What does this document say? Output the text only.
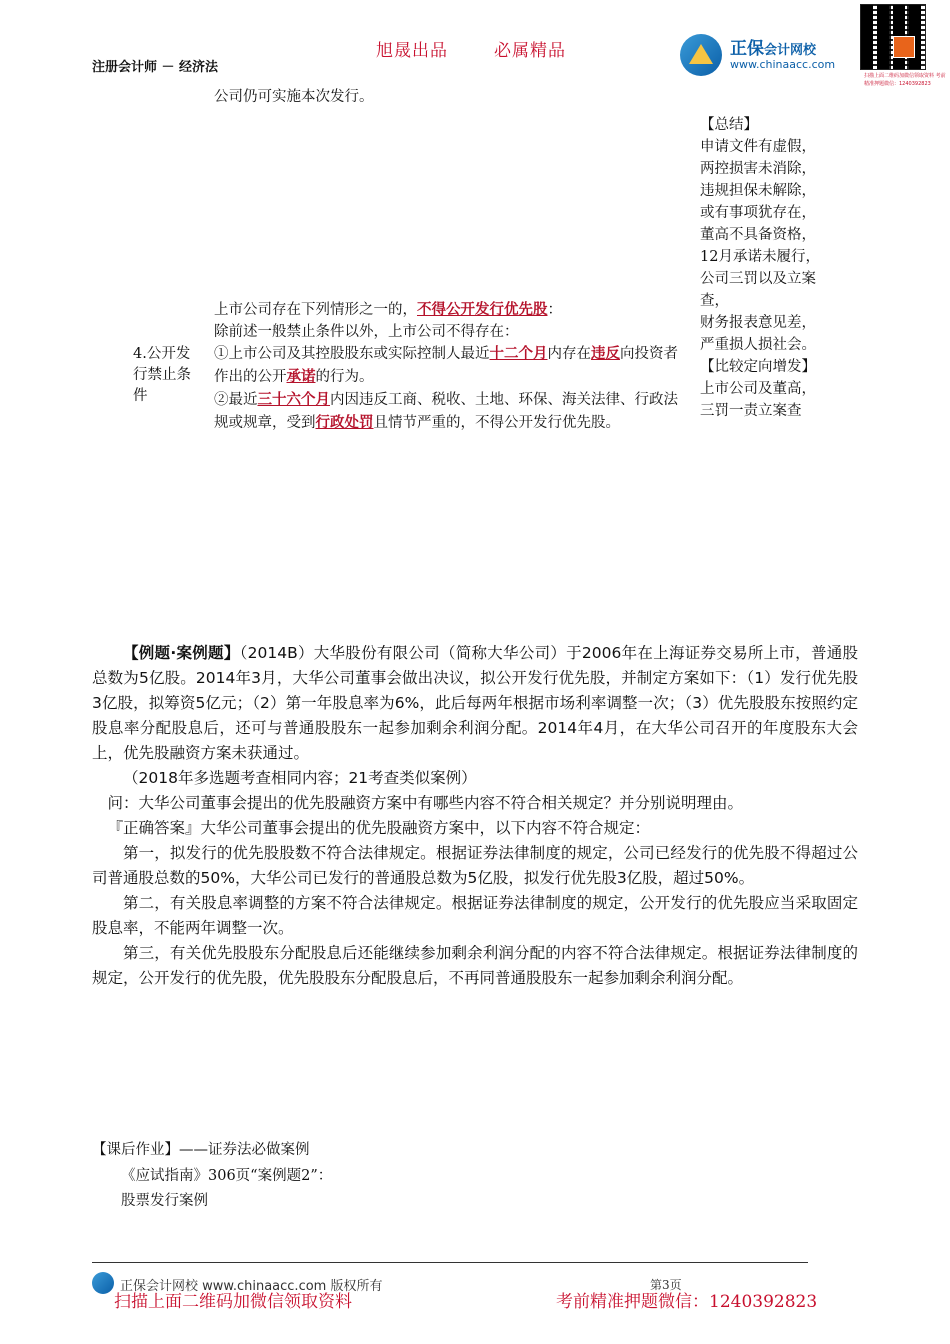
旭晟出品	必属精品
注册会计师 － 经济法
正保会计网校
www.chinaacc.com
扫描上面二维码加微信领取资料 考前精准押题微信：1240392823
公司仍可实施本次发行。
4.公开发行禁止条件

上市公司存在下列情形之一的，不得公开发行优先股：

除前述一般禁止条件以外，上市公司不得存在：

①上市公司及其控股股东或实际控制人最近十二个月内存在违反向投资者作出的公开承诺的行为。

②最近三十六个月内因违反工商、税收、土地、环保、海关法律、行政法规或规章，受到行政处罚且情节严重的，不得公开发行优先股。

【总结】

申请文件有虚假，

两控损害未消除，

违规担保未解除，

或有事项犹存在，

董高不具备资格，

12月承诺未履行，

公司三罚以及立案查，

财务报表意见差，

严重损人损社会。

【比较定向增发】

上市公司及董高，

三罚一责立案查

【例题·案例题】（2014B）大华股份有限公司（简称大华公司）于2006年在上海证券交易所上市，普通股总数为5亿股。2014年3月，大华公司董事会做出决议，拟公开发行优先股，并制定方案如下：（1）发行优先股3亿股，拟筹资5亿元；（2）第一年股息率为6%，此后每两年根据市场利率调整一次；（3）优先股股东按照约定股息率分配股息后，还可与普通股股东一起参加剩余利润分配。2014年4月，在大华公司召开的年度股东大会上，优先股融资方案未获通过。

（2018年多选题考查相同内容；21考查类似案例）

问：大华公司董事会提出的优先股融资方案中有哪些内容不符合相关规定？并分别说明理由。

『正确答案』大华公司董事会提出的优先股融资方案中，以下内容不符合规定：

第一，拟发行的优先股股数不符合法律规定。根据证券法律制度的规定，公司已经发行的优先股不得超过公司普通股总数的50%，大华公司已发行的普通股总数为5亿股，拟发行优先股3亿股，超过50%。

第二，有关股息率调整的方案不符合法律规定。根据证券法律制度的规定，公开发行的优先股应当采取固定股息率，不能两年调整一次。

第三，有关优先股股东分配股息后还能继续参加剩余利润分配的内容不符合法律规定。根据证券法律制度的规定，公开发行的优先股，优先股股东分配股息后，不再同普通股股东一起参加剩余利润分配。

【课后作业】——证券法必做案例

《应试指南》306页“案例题2”：

股票发行案例

正保会计网校 www.chinaacc.com 版权所有	第3页
扫描上面二维码加微信领取资料	考前精准押题微信：1240392823
